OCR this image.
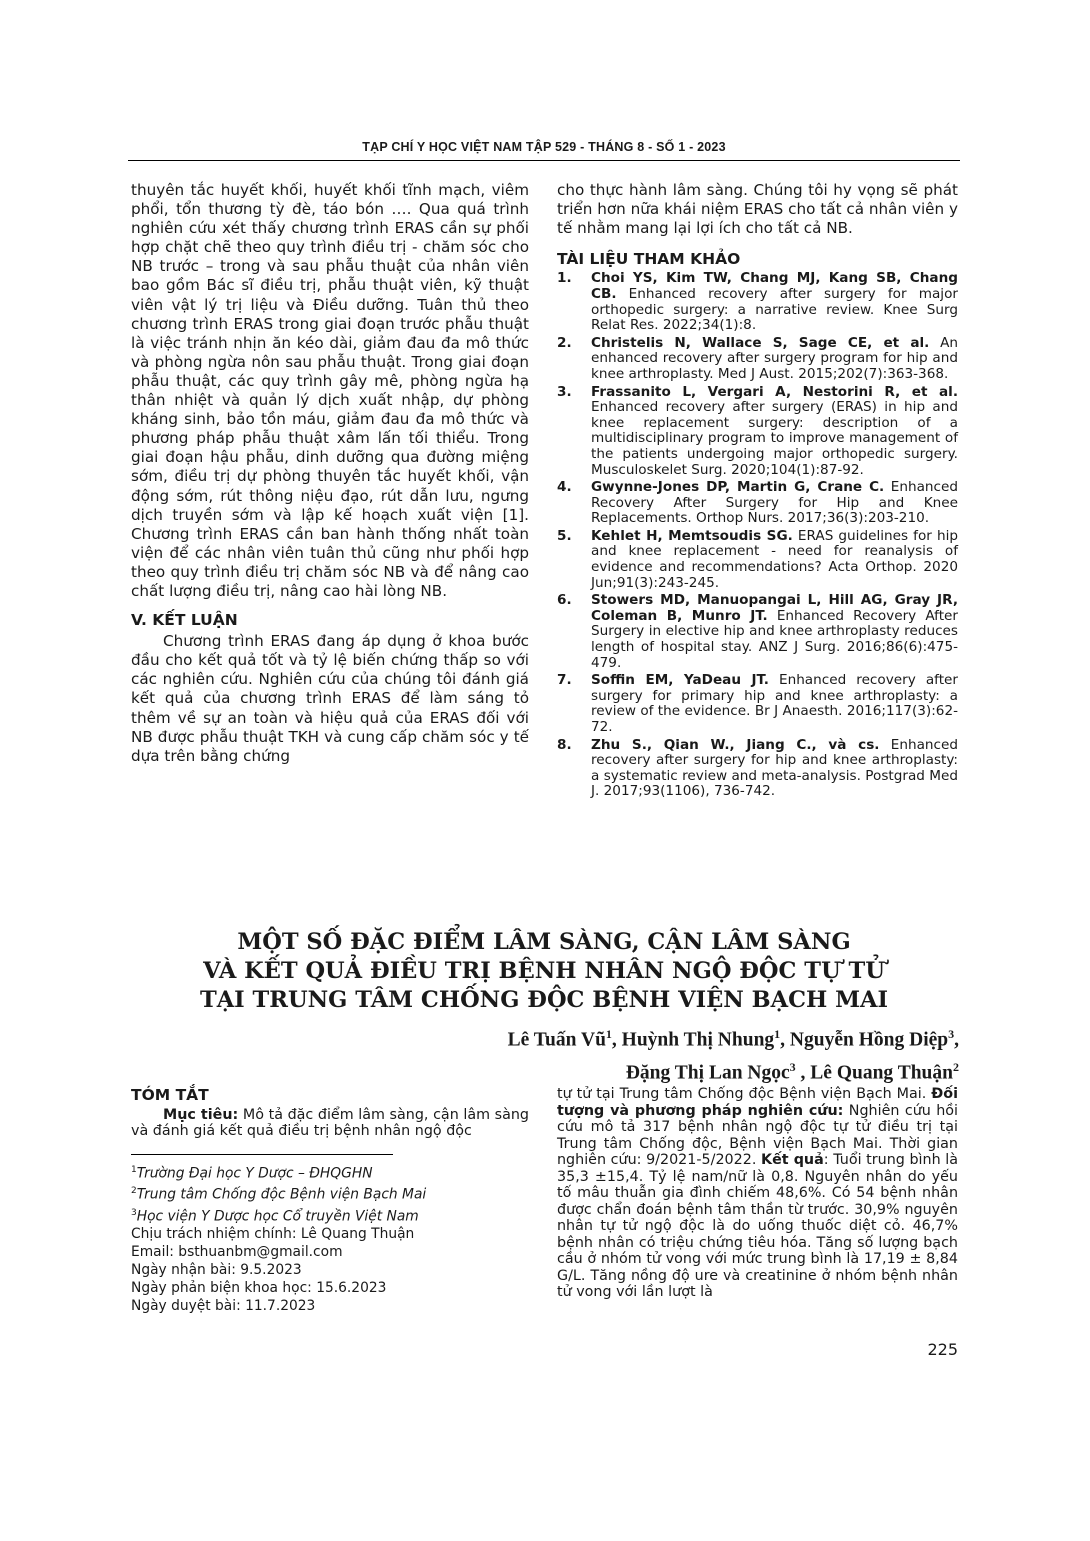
TẠP CHÍ Y HỌC VIỆT NAM TẬP 529 - THÁNG 8 - SỐ 1 - 2023

thuyên tắc huyết khối, huyết khối tĩnh mạch, viêm phổi, tổn thương tỳ đè, táo bón …. Qua quá trình nghiên cứu xét thấy chương trình ERAS cần sự phối hợp chặt chẽ theo quy trình điều trị - chăm sóc cho NB trước – trong và sau phẫu thuật của nhân viên bao gồm Bác sĩ điều trị, phẫu thuật viên, kỹ thuật viên vật lý trị liệu và Điều dưỡng. Tuân thủ theo chương trình ERAS trong giai đoạn trước phẫu thuật là việc tránh nhịn ăn kéo dài, giảm đau đa mô thức và phòng ngừa nôn sau phẫu thuật. Trong giai đoạn phẫu thuật, các quy trình gây mê, phòng ngừa hạ thân nhiệt và quản lý dịch xuất nhập, dự phòng kháng sinh, bảo tồn máu, giảm đau đa mô thức và phương pháp phẫu thuật xâm lấn tối thiểu. Trong giai đoạn hậu phẫu, dinh dưỡng qua đường miệng sớm, điều trị dự phòng thuyên tắc huyết khối, vận động sớm, rút thông niệu đạo, rút dẫn lưu, ngưng dịch truyền sớm và lập kế hoạch xuất viện [1]. Chương trình ERAS cần ban hành thống nhất toàn viện để các nhân viên tuân thủ cũng như phối hợp theo quy trình điều trị chăm sóc NB và để nâng cao chất lượng điều trị, nâng cao hài lòng NB.

V. KẾT LUẬN

Chương trình ERAS đang áp dụng ở khoa bước đầu cho kết quả tốt và tỷ lệ biến chứng thấp so với các nghiên cứu. Nghiên cứu của chúng tôi đánh giá kết quả của chương trình ERAS để làm sáng tỏ thêm về sự an toàn và hiệu quả của ERAS đối với NB được phẫu thuật TKH và cung cấp chăm sóc y tế dựa trên bằng chứng

cho thực hành lâm sàng. Chúng tôi hy vọng sẽ phát triển hơn nữa khái niệm ERAS cho tất cả nhân viên y tế nhằm mang lại lợi ích cho tất cả NB.

TÀI LIỆU THAM KHẢO
1.	Choi YS, Kim TW, Chang MJ, Kang SB, Chang CB. Enhanced recovery after surgery for major orthopedic surgery: a narrative review. Knee Surg Relat Res. 2022;34(1):8.
2.	Christelis N, Wallace S, Sage CE, et al. An enhanced recovery after surgery program for hip and knee arthroplasty. Med J Aust. 2015;202(7):363-368.
3.	Frassanito L, Vergari A, Nestorini R, et al. Enhanced recovery after surgery (ERAS) in hip and knee replacement surgery: description of a multidisciplinary program to improve management of the patients undergoing major orthopedic surgery. Musculoskelet Surg. 2020;104(1):87-92.
4.	Gwynne-Jones DP, Martin G, Crane C. Enhanced Recovery After Surgery for Hip and Knee Replacements. Orthop Nurs. 2017;36(3):203-210.
5.	Kehlet H, Memtsoudis SG. ERAS guidelines for hip and knee replacement - need for reanalysis of evidence and recommendations? Acta Orthop. 2020 Jun;91(3):243-245.
6.	Stowers MD, Manuopangai L, Hill AG, Gray JR, Coleman B, Munro JT. Enhanced Recovery After Surgery in elective hip and knee arthroplasty reduces length of hospital stay. ANZ J Surg. 2016;86(6):475-479.
7.	Soffin EM, YaDeau JT. Enhanced recovery after surgery for primary hip and knee arthroplasty: a review of the evidence. Br J Anaesth. 2016;117(3):62-72.
8.	Zhu S., Qian W., Jiang C., và cs. Enhanced recovery after surgery for hip and knee arthroplasty: a systematic review and meta-analysis. Postgrad Med J. 2017;93(1106), 736-742.
MỘT SỐ ĐẶC ĐIỂM LÂM SÀNG, CẬN LÂM SÀNG
VÀ KẾT QUẢ ĐIỀU TRỊ BỆNH NHÂN NGỘ ĐỘC TỰ TỬ
TẠI TRUNG TÂM CHỐNG ĐỘC BỆNH VIỆN BẠCH MAI
Lê Tuấn $Vũ^1$, Huỳnh Thị Nhung$^1$, Nguyễn Hồng Diệp$^3$,
Đặng Thị Lan Ngọc$^3$ , Lê Quang Thuận$^2$
TÓM TẮT

Mục tiêu: Mô tả đặc điểm lâm sàng, cận lâm sàng và đánh giá kết quả điều trị bệnh nhân ngộ độc

$^1$Trường Đại học Y Dược – ĐHQGHN
$^2$Trung tâm Chống độc Bệnh viện Bạch Mai
$^3$Học viện Y Dược học Cổ truyền Việt Nam
Chịu trách nhiệm chính: Lê Quang Thuận
Email: bsthuanbm@gmail.com
Ngày nhận bài: 9.5.2023
Ngày phản biện khoa học: 15.6.2023
Ngày duyệt bài: 11.7.2023
tự tử tại Trung tâm Chống độc Bệnh viện Bạch Mai. Đối tượng và phương pháp nghiên cứu: Nghiên cứu hồi cứu mô tả 317 bệnh nhân ngộ độc tự tử điều trị tại Trung tâm Chống độc, Bệnh viện Bạch Mai. Thời gian nghiên cứu: 9/2021-5/2022. Kết quả: Tuổi trung bình là 35,3 ±15,4. Tỷ lệ nam/nữ là 0,8. Nguyên nhân do yếu tố mâu thuẫn gia đình chiếm 48,6%. Có 54 bệnh nhân được chẩn đoán bệnh tâm thần từ trước. 30,9% nguyên nhân tự tử ngộ độc là do uống thuốc diệt cỏ. 46,7% bệnh nhân có triệu chứng tiêu hóa. Tăng số lượng bạch cầu ở nhóm tử vong với mức trung bình là 17,19 ± 8,84 G/L. Tăng nồng độ ure và creatinine ở nhóm bệnh nhân tử vong với lần lượt là
225
